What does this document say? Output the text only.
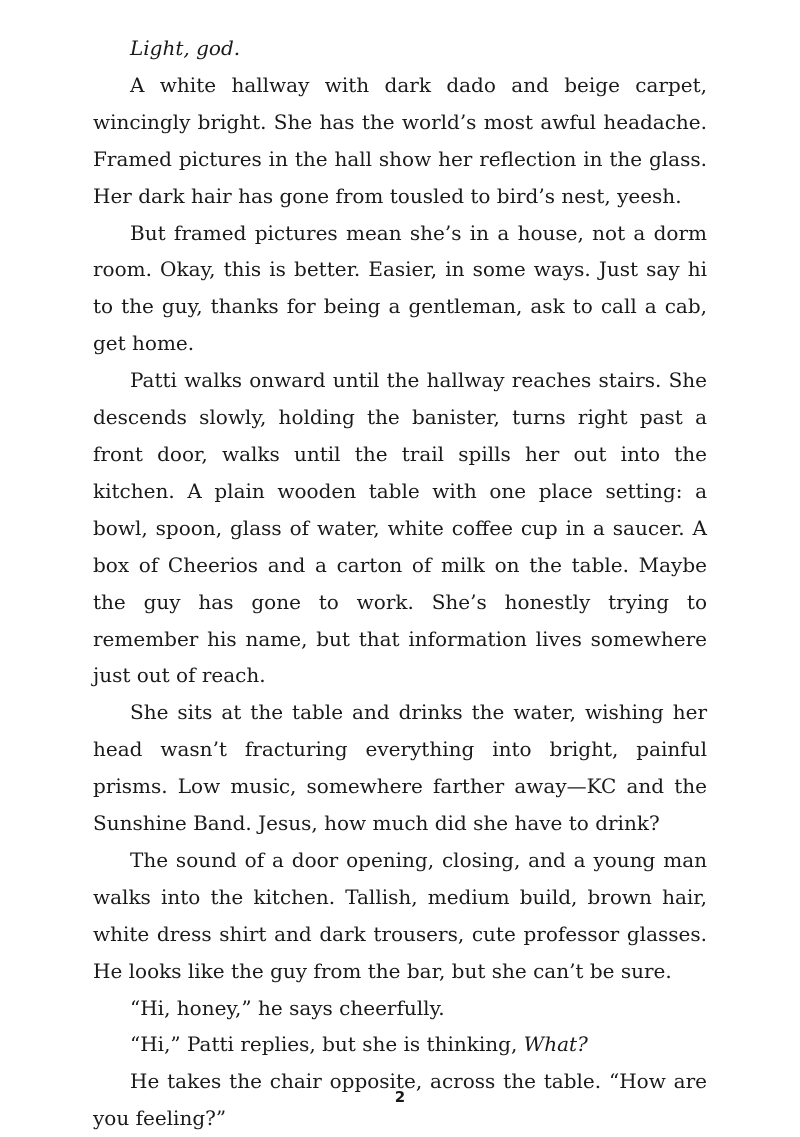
Light, god.

A white hallway with dark dado and beige carpet, wincingly bright. She has the world’s most awful headache. Framed pictures in the hall show her reflection in the glass. Her dark hair has gone from tousled to bird’s nest, yeesh.

But framed pictures mean she’s in a house, not a dorm room. Okay, this is better. Easier, in some ways. Just say hi to the guy, thanks for being a gentleman, ask to call a cab, get home.

Patti walks onward until the hallway reaches stairs. She descends slowly, holding the banister, turns right past a front door, walks until the trail spills her out into the kitchen. A plain wooden table with one place setting: a bowl, spoon, glass of water, white coffee cup in a saucer. A box of Cheerios and a carton of milk on the table. Maybe the guy has gone to work. She’s honestly trying to remember his name, but that information lives somewhere just out of reach.

She sits at the table and drinks the water, wishing her head wasn’t fracturing everything into bright, painful prisms. Low music, somewhere farther away—KC and the Sunshine Band. Jesus, how much did she have to drink?

The sound of a door opening, closing, and a young man walks into the kitchen. Tallish, medium build, brown hair, white dress shirt and dark trousers, cute professor glasses. He looks like the guy from the bar, but she can’t be sure.

“Hi, honey,” he says cheerfully.

“Hi,” Patti replies, but she is thinking, What?

He takes the chair opposite, across the table. “How are you feeling?”

2
